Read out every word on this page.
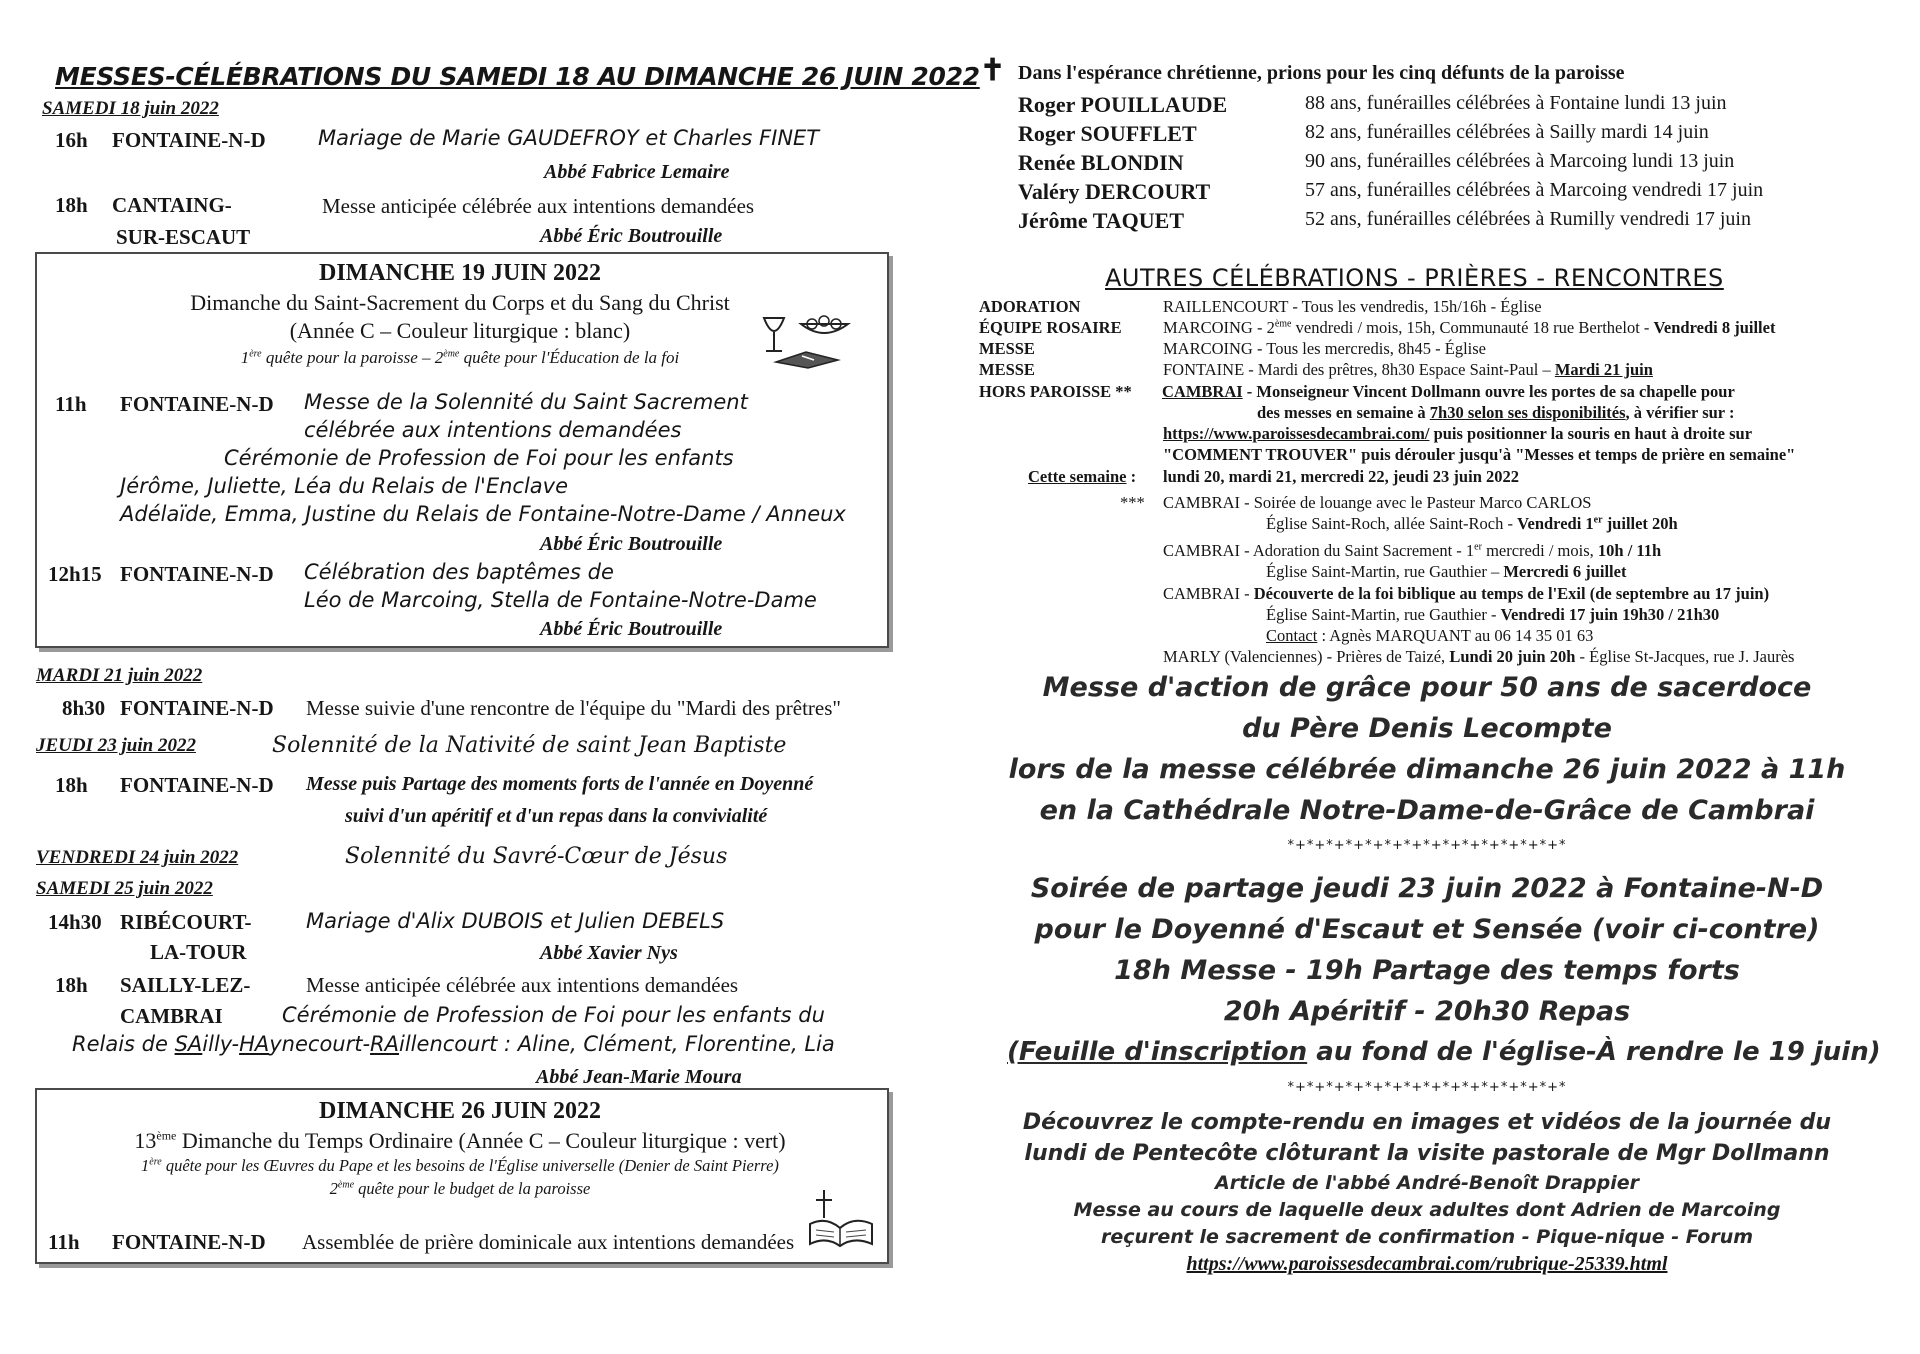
MESSES-CÉLÉBRATIONS DU SAMEDI 18 AU DIMANCHE 26 JUIN 2022
SAMEDI 18 juin 2022
16h FONTAINE-N-D Mariage de Marie GAUDEFROY et Charles FINET
Abbé Fabrice Lemaire
18h CANTAING-
SUR-ESCAUT
Messe anticipée célébrée aux intentions demandées
Abbé Éric Boutrouille
DIMANCHE 19 JUIN 2022
Dimanche du Saint-Sacrement du Corps et du Sang du Christ
(Année C – Couleur liturgique : blanc)
1ère quête pour la paroisse – 2ème quête pour l'Éducation de la foi
11h FONTAINE-N-D Messe de la Solennité du Saint Sacrement
célébrée aux intentions demandées
Cérémonie de Profession de Foi pour les enfants
Jérôme, Juliette, Léa du Relais de l'Enclave
Adélaïde, Emma, Justine du Relais de Fontaine-Notre-Dame / Anneux
Abbé Éric Boutrouille
12h15 FONTAINE-N-D Célébration des baptêmes de
Léo de Marcoing, Stella de Fontaine-Notre-Dame
Abbé Éric Boutrouille
MARDI 21 juin 2022
8h30 FONTAINE-N-D Messe suivie d'une rencontre de l'équipe du "Mardi des prêtres"
JEUDI 23 juin 2022	Solennité de la Nativité de saint Jean Baptiste
18h FONTAINE-N-D Messe puis Partage des moments forts de l'année en Doyenné
suivi d'un apéritif et d'un repas dans la convivialité
VENDREDI 24 juin 2022	Solennité du Savré-Cœur de Jésus
SAMEDI 25 juin 2022
14h30 RIBÉCOURT-
LA-TOUR
Mariage d'Alix DUBOIS et Julien DEBELS
Abbé Xavier Nys
18h SAILLY-LEZ-
CAMBRAI
Messe anticipée célébrée aux intentions demandées
Cérémonie de Profession de Foi pour les enfants du
Relais de SAilly-HAynecourt-RAillencourt : Aline, Clément, Florentine, Lia
Abbé Jean-Marie Moura
DIMANCHE 26 JUIN 2022
13ème Dimanche du Temps Ordinaire (Année C – Couleur liturgique : vert)
1ère quête pour les Œuvres du Pape et les besoins de l'Église universelle (Denier de Saint Pierre)
2ème quête pour le budget de la paroisse
11h FONTAINE-N-D Assemblée de prière dominicale aux intentions demandées
✝ Dans l'espérance chrétienne, prions pour les cinq défunts de la paroisse
Roger POUILLAUDE	88 ans, funérailles célébrées à Fontaine lundi 13 juin
Roger SOUFFLET	82 ans, funérailles célébrées à Sailly mardi 14 juin
Renée BLONDIN	90 ans, funérailles célébrées à Marcoing lundi 13 juin
Valéry DERCOURT	57 ans, funérailles célébrées à Marcoing vendredi 17 juin
Jérôme TAQUET	52 ans, funérailles célébrées à Rumilly vendredi 17 juin
AUTRES CÉLÉBRATIONS - PRIÈRES - RENCONTRES
ADORATION	RAILLENCOURT - Tous les vendredis, 15h/16h - Église
ÉQUIPE ROSAIRE	MARCOING - 2ème vendredi / mois, 15h, Communauté 18 rue Berthelot - Vendredi 8 juillet
MESSE	MARCOING - Tous les mercredis, 8h45 - Église
MESSE	FONTAINE - Mardi des prêtres, 8h30 Espace Saint-Paul – Mardi 21 juin
HORS PAROISSE ** CAMBRAI - Monseigneur Vincent Dollmann ouvre les portes de sa chapelle pour
des messes en semaine à 7h30 selon ses disponibilités, à vérifier sur :
https://www.paroissesdecambrai.com/ puis positionner la souris en haut à droite sur
"COMMENT TROUVER" puis dérouler jusqu'à "Messes et temps de prière en semaine"
Cette semaine : lundi 20, mardi 21, mercredi 22, jeudi 23 juin 2022
*** CAMBRAI - Soirée de louange avec le Pasteur Marco CARLOS
Église Saint-Roch, allée Saint-Roch - Vendredi 1er juillet 20h
CAMBRAI - Adoration du Saint Sacrement - 1er mercredi / mois, 10h / 11h
Église Saint-Martin, rue Gauthier – Mercredi 6 juillet
CAMBRAI - Découverte de la foi biblique au temps de l'Exil (de septembre au 17 juin)
Église Saint-Martin, rue Gauthier - Vendredi 17 juin 19h30 / 21h30
Contact : Agnès MARQUANT au 06 14 35 01 63
MARLY (Valenciennes) - Prières de Taizé, Lundi 20 juin 20h - Église St-Jacques, rue J. Jaurès
Messe d'action de grâce pour 50 ans de sacerdoce
du Père Denis Lecompte
lors de la messe célébrée dimanche 26 juin 2022 à 11h
en la Cathédrale Notre-Dame-de-Grâce de Cambrai
*+*+*+*+*+*+*+*+*+*+*+*+*+*+*
Soirée de partage jeudi 23 juin 2022 à Fontaine-N-D
pour le Doyenné d'Escaut et Sensée (voir ci-contre)
18h Messe - 19h Partage des temps forts
20h Apéritif - 20h30 Repas
(Feuille d'inscription au fond de l'église-À rendre le 19 juin)
*+*+*+*+*+*+*+*+*+*+*+*+*+*+*
Découvrez le compte-rendu en images et vidéos de la journée du
lundi de Pentecôte clôturant la visite pastorale de Mgr Dollmann
Article de l'abbé André-Benoît Drappier
Messe au cours de laquelle deux adultes dont Adrien de Marcoing
reçurent le sacrement de confirmation - Pique-nique - Forum
https://www.paroissesdecambrai.com/rubrique-25339.html
